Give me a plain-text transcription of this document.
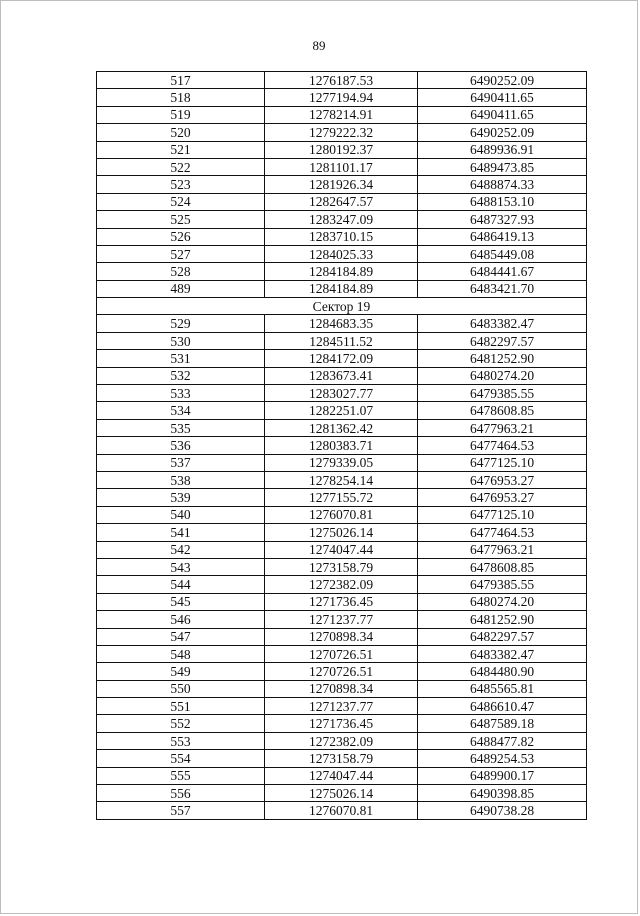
89
517	1276187.53	6490252.09
518	1277194.94	6490411.65
519	1278214.91	6490411.65
520	1279222.32	6490252.09
521	1280192.37	6489936.91
522	1281101.17	6489473.85
523	1281926.34	6488874.33
524	1282647.57	6488153.10
525	1283247.09	6487327.93
526	1283710.15	6486419.13
527	1284025.33	6485449.08
528	1284184.89	6484441.67
489	1284184.89	6483421.70
Сектор 19		
529	1284683.35	6483382.47
530	1284511.52	6482297.57
531	1284172.09	6481252.90
532	1283673.41	6480274.20
533	1283027.77	6479385.55
534	1282251.07	6478608.85
535	1281362.42	6477963.21
536	1280383.71	6477464.53
537	1279339.05	6477125.10
538	1278254.14	6476953.27
539	1277155.72	6476953.27
540	1276070.81	6477125.10
541	1275026.14	6477464.53
542	1274047.44	6477963.21
543	1273158.79	6478608.85
544	1272382.09	6479385.55
545	1271736.45	6480274.20
546	1271237.77	6481252.90
547	1270898.34	6482297.57
548	1270726.51	6483382.47
549	1270726.51	6484480.90
550	1270898.34	6485565.81
551	1271237.77	6486610.47
552	1271736.45	6487589.18
553	1272382.09	6488477.82
554	1273158.79	6489254.53
555	1274047.44	6489900.17
556	1275026.14	6490398.85
557	1276070.81	6490738.28
